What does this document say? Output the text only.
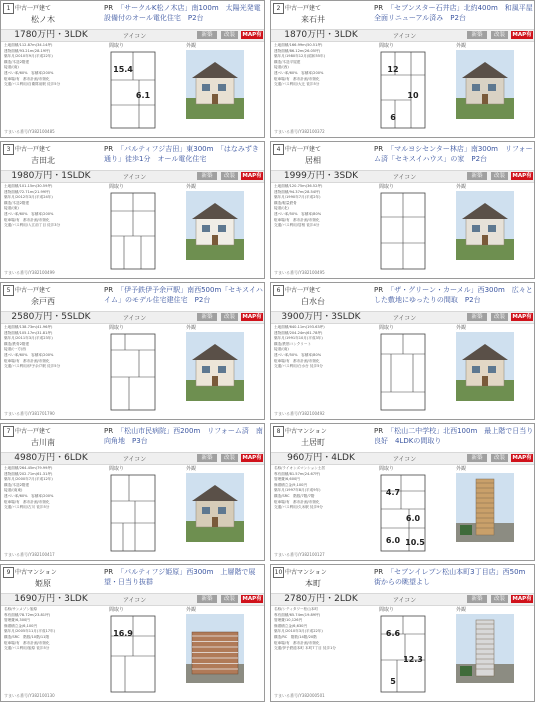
1 中古一戸建て
松ノ木
PR 「サークルK松ノ木店」南100m　太陽光発電設備付のオール電化住宅　P2台
1780万円・3LDK	アイコン	新築	改装	MAP有
土地面積/112.87m(34.14坪)
建物面積/93.21m(28.19坪)
築年月/2010年9月(平成22年)
構造/木造2階建
接道/(南)
建ぺい率/60%　容積率/200%
駐車場/有　都市計画/市街化
交通/バス利用/自衛隊前駅 徒歩5分
間取り	外観
15.4
6.1
すまいる番号/Y382100485
2 中古一戸建て
来石井
PR 「セブンスター石井店」北約400m　和風平屋全面リニューアル済み　P2台
1870万円・3LDK	アイコン	新築	改装	MAP有
土地面積/166.99m(50.51坪)
建物面積/86.12m(26.05坪)
築年月/1980年12月(昭和55年)
構造/木造平屋建
接道/(西)
建ぺい率/60%　容積率/200%
駐車場/有　都市計画/市街化
交通/バス利用/大辻 徒歩5分
間取り	外観
12
10
6
すまいる番号/Y382100372
3 中古一戸建て
吉田北
PR 「パルティフジ吉田」東300m　「はなみずき通り」徒歩1分　オール電化住宅
1980万円・1SLDK	アイコン	新築	改装	MAP有
土地面積/101.15m(30.59坪)
建物面積/72.71m(21.99坪)
築年月/2012年3月(平成24年)
構造/木造2階建
接道/(東)
建ぺい率/60%　容積率/200%
駐車場/有　都市計画/市街化
交通/バス利用/入江前丁目 徒歩3分
間取り	外観
すまいる番号/Y382100499
4 中古一戸建て
居相
PR 「マルヨシセンター林店」南300m　リフォーム済「セキスイハウス」の家　P2台
1999万円・3SDK	アイコン	新築	改装	MAP有
土地面積/120.75m(36.52坪)
建物面積/94.37m(28.54坪)
築年月/1990年7月(平成2年)
構造/軽量鉄骨
接道/(北)
建ぺい率/50%　容積率/80%
駐車場/有　都市計画/市街化
交通/バス利用/居相 徒歩4分
間取り	外観
すまいる番号/Y382100495
5 中古一戸建て
余戸西
PR 「伊予鉄伊予余戸駅」南西500m「セキスイハイム」のモデル住宅建住宅　P2台
2580万円・5SLDK	アイコン	新築	改装	MAP有
土地面積/138.73m(41.96坪)
建物面積/105.17m(31.81坪)
築年月/2011年3月(平成23年)
構造/鉄骨2階建
接道/(一方)西
建ぺい率/60%　容積率/200%
駐車場/有　都市計画/市街化
交通/バス利用/伊予余戸駅 徒歩5分
間取り	外観
すまいる番号/Y381701790
6 中古一戸建て
白水台
PR 「ザ・グリーン・カーメル」西300m　広々とした敷地にゆったりの間取　P2台
3900万円・3SLDK	アイコン	新築	改装	MAP有
土地面積/640.11m(193.63坪)
建物面積/204.24m(61.78坪)
築年月/1991年10月(平成3年)
構造/鉄筋コンクリート
接道/(南)
建ぺい率/50%　容積率/80%
駐車場/有　都市計画/市街化
交通/バス利用/白水台 徒歩5分
間取り	外観
すまいる番号/Y382100492
7 中古一戸建て
古川南
PR 「松山市民病院」西200m　リフォーム済　南向角地　P3台
4980万円・6LDK	アイコン	新築	改装	MAP有
土地面積/264.45m(79.99坪)
建物面積/202.71m(61.31坪)
築年月/2000年7月(平成12年)
構造/木造2階建
接道/(南東)
建ぺい率/60%　容積率/200%
駐車場/有　都市計画/市街化
交通/バス利用/古川 徒歩5分
間取り	外観
すまいる番号/Y382100417
8 中古マンション
土居町
PR 「松山二中学校」北西100m　最上階で日当り良好　4LDKの間取り
960万円・4LDK	アイコン	新築	改装	MAP有
名称/ライオンズマンション土居
専有面積/81.57m(24.67坪)
管理費/6,600円
修繕積立金/9,100円
築年月/1997年8月(平成9年)
構造/SRC　階数/7階/7階
駐車場/有　都市計画/市街化
交通/バス利用/久米駅 徒歩9分
間取り	外観
4.7
6.0
6.0 10.5
すまいる番号/Y382100127
9 中古マンション
姫原
PR 「パルティフジ姫原」西300m　上層階で展望・日当り抜群
1690万円・3LDK	アイコン	新築	改装	MAP有
名称/サンメゾン姫原
専有面積/78.72m(23.81坪)
管理費/6,300円
修繕積立金/6,100円
築年月/2005年11月(平成17年)
構造/SRC　階数/10階/11階
駐車場/有　都市計画/市街化
交通/バス利用/姫原 徒歩5分
間取り	外観
16.9
すまいる番号/Y382100130
10 中古マンション
本町
PR 「セブンイレブン松山本町3丁目店」西50m　街からの眺望よし
2780万円・2LDK	アイコン	新築	改装	MAP有
名称/シティタワー松山本町
専有面積/65.74m(19.89坪)
管理費/10,126円
修繕積立金/6,630円
築年月/2010年3月(平成22年)
構造/RC　階数/14階/20階
駐車場/有　都市計画/市街化
交通/伊予鉄道本町 本町7丁目 徒歩1分
間取り	外観
6.6
12.3
5
すまいる番号/Y382000501
